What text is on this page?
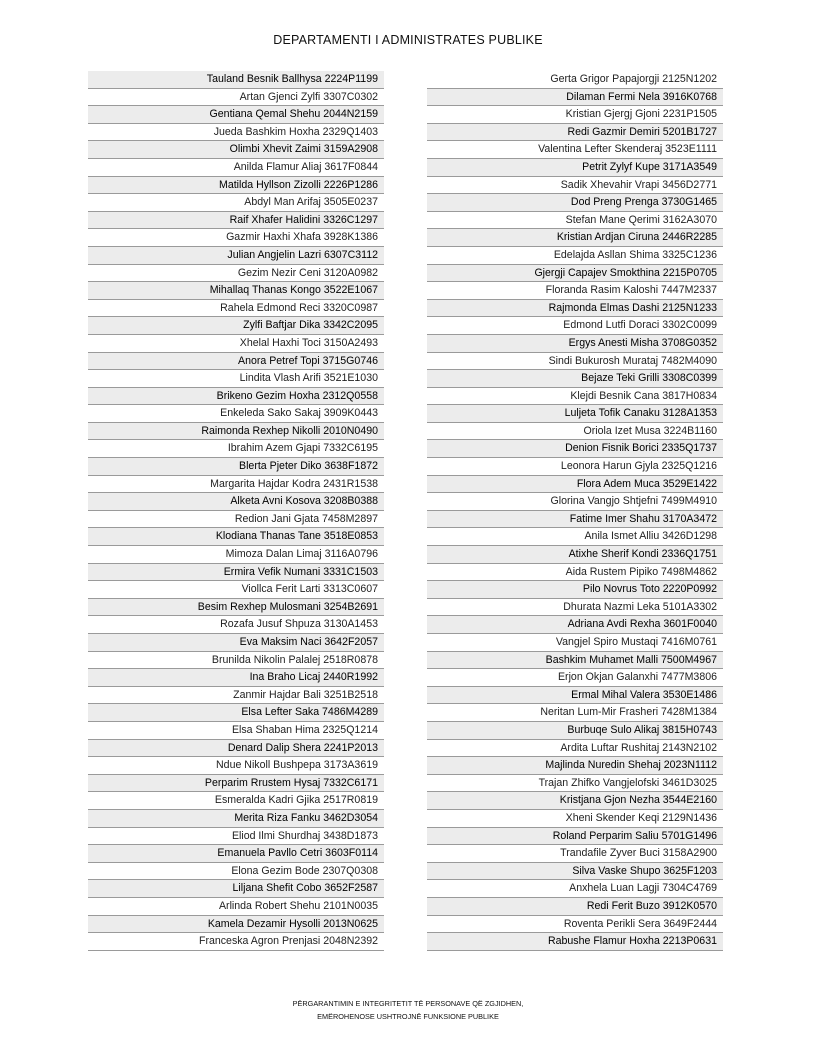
DEPARTAMENTI I ADMINISTRATES PUBLIKE
Tauland Besnik Ballhysa 2224P1199
Artan Gjenci Zylfi 3307C0302
Gentiana Qemal Shehu 2044N2159
Jueda Bashkim Hoxha 2329Q1403
Olimbi Xhevit Zaimi 3159A2908
Anilda Flamur Aliaj 3617F0844
Matilda Hyllson Zizolli 2226P1286
Abdyl Man Arifaj 3505E0237
Raif Xhafer Halidini 3326C1297
Gazmir Haxhi Xhafa 3928K1386
Julian Angjelin Lazri 6307C3112
Gezim Nezir Ceni 3120A0982
Mihallaq Thanas Kongo 3522E1067
Rahela Edmond Reci 3320C0987
Zylfi Baftjar Dika 3342C2095
Xhelal Haxhi Toci 3150A2493
Anora Petref Topi 3715G0746
Lindita Vlash Arifi 3521E1030
Brikeno Gezim Hoxha 2312Q0558
Enkeleda Sako Sakaj 3909K0443
Raimonda Rexhep Nikolli 2010N0490
Ibrahim Azem Gjapi 7332C6195
Blerta Pjeter Diko 3638F1872
Margarita Hajdar Kodra 2431R1538
Alketa Avni Kosova 3208B0388
Redion Jani Gjata 7458M2897
Klodiana Thanas Tane 3518E0853
Mimoza Dalan Limaj 3116A0796
Ermira Vefik Numani 3331C1503
Viollca Ferit Larti 3313C0607
Besim Rexhep Mulosmani 3254B2691
Rozafa Jusuf Shpuza 3130A1453
Eva Maksim Naci 3642F2057
Brunilda Nikolin Palalej 2518R0878
Ina Braho Licaj 2440R1992
Zanmir Hajdar Bali 3251B2518
Elsa Lefter Saka 7486M4289
Elsa Shaban Hima 2325Q1214
Denard Dalip Shera 2241P2013
Ndue Nikoll Bushpepa 3173A3619
Perparim Rrustem Hysaj 7332C6171
Esmeralda Kadri Gjika 2517R0819
Merita Riza Fanku 3462D3054
Eliod Ilmi Shurdhaj 3438D1873
Emanuela Pavllo Cetri 3603F0114
Elona Gezim Bode 2307Q0308
Liljana Shefit Cobo 3652F2587
Arlinda Robert Shehu 2101N0035
Kamela Dezamir Hysolli 2013N0625
Franceska Agron Prenjasi 2048N2392
Gerta Grigor Papajorgji 2125N1202
Dilaman Fermi Nela 3916K0768
Kristian Gjergj Gjoni 2231P1505
Redi Gazmir Demiri 5201B1727
Valentina Lefter Skenderaj 3523E1111
Petrit Zylyf Kupe 3171A3549
Sadik Xhevahir Vrapi 3456D2771
Dod Preng Prenga 3730G1465
Stefan Mane Qerimi 3162A3070
Kristian Ardjan Ciruna 2446R2285
Edelajda Asllan Shima 3325C1236
Gjergji Capajev Smokthina 2215P0705
Floranda Rasim Kaloshi 7447M2337
Rajmonda Elmas Dashi 2125N1233
Edmond Lutfi Doraci 3302C0099
Ergys Anesti Misha 3708G0352
Sindi Bukurosh Murataj 7482M4090
Bejaze Teki Grilli 3308C0399
Klejdi Besnik Cana 3817H0834
Luljeta Tofik Canaku 3128A1353
Oriola Izet Musa 3224B1160
Denion Fisnik Borici 2335Q1737
Leonora Harun Gjyla 2325Q1216
Flora Adem Muca 3529E1422
Glorina Vangjo Shtjefni 7499M4910
Fatime Imer Shahu 3170A3472
Anila Ismet Alliu 3426D1298
Atixhe Sherif Kondi 2336Q1751
Aida Rustem Pipiko 7498M4862
Pilo Novrus Toto 2220P0992
Dhurata Nazmi Leka 5101A3302
Adriana Avdi Rexha 3601F0040
Vangjel Spiro Mustaqi 7416M0761
Bashkim Muhamet Malli 7500M4967
Erjon Okjan Galanxhi 7477M3806
Ermal Mihal Valera 3530E1486
Neritan Lum-Mir Frasheri 7428M1384
Burbuqe Sulo Alikaj 3815H0743
Ardita Luftar Rushitaj 2143N2102
Majlinda Nuredin Shehaj 2023N1112
Trajan Zhifko Vangjelofski 3461D3025
Kristjana Gjon Nezha 3544E2160
Xheni Skender Keqi 2129N1436
Roland Perparim Saliu 5701G1496
Trandafile Zyver Buci 3158A2900
Silva Vaske Shupo 3625F1203
Anxhela Luan Lagji 7304C4769
Redi Ferit Buzo 3912K0570
Roventa Perikli Sera 3649F2444
Rabushe Flamur Hoxha 2213P0631
PËRGARANTIMIN E INTEGRITETIT TË PERSONAVE QË ZGJIDHEN,
EMËROHENOSE USHTROJNË FUNKSIONE PUBLIKE
